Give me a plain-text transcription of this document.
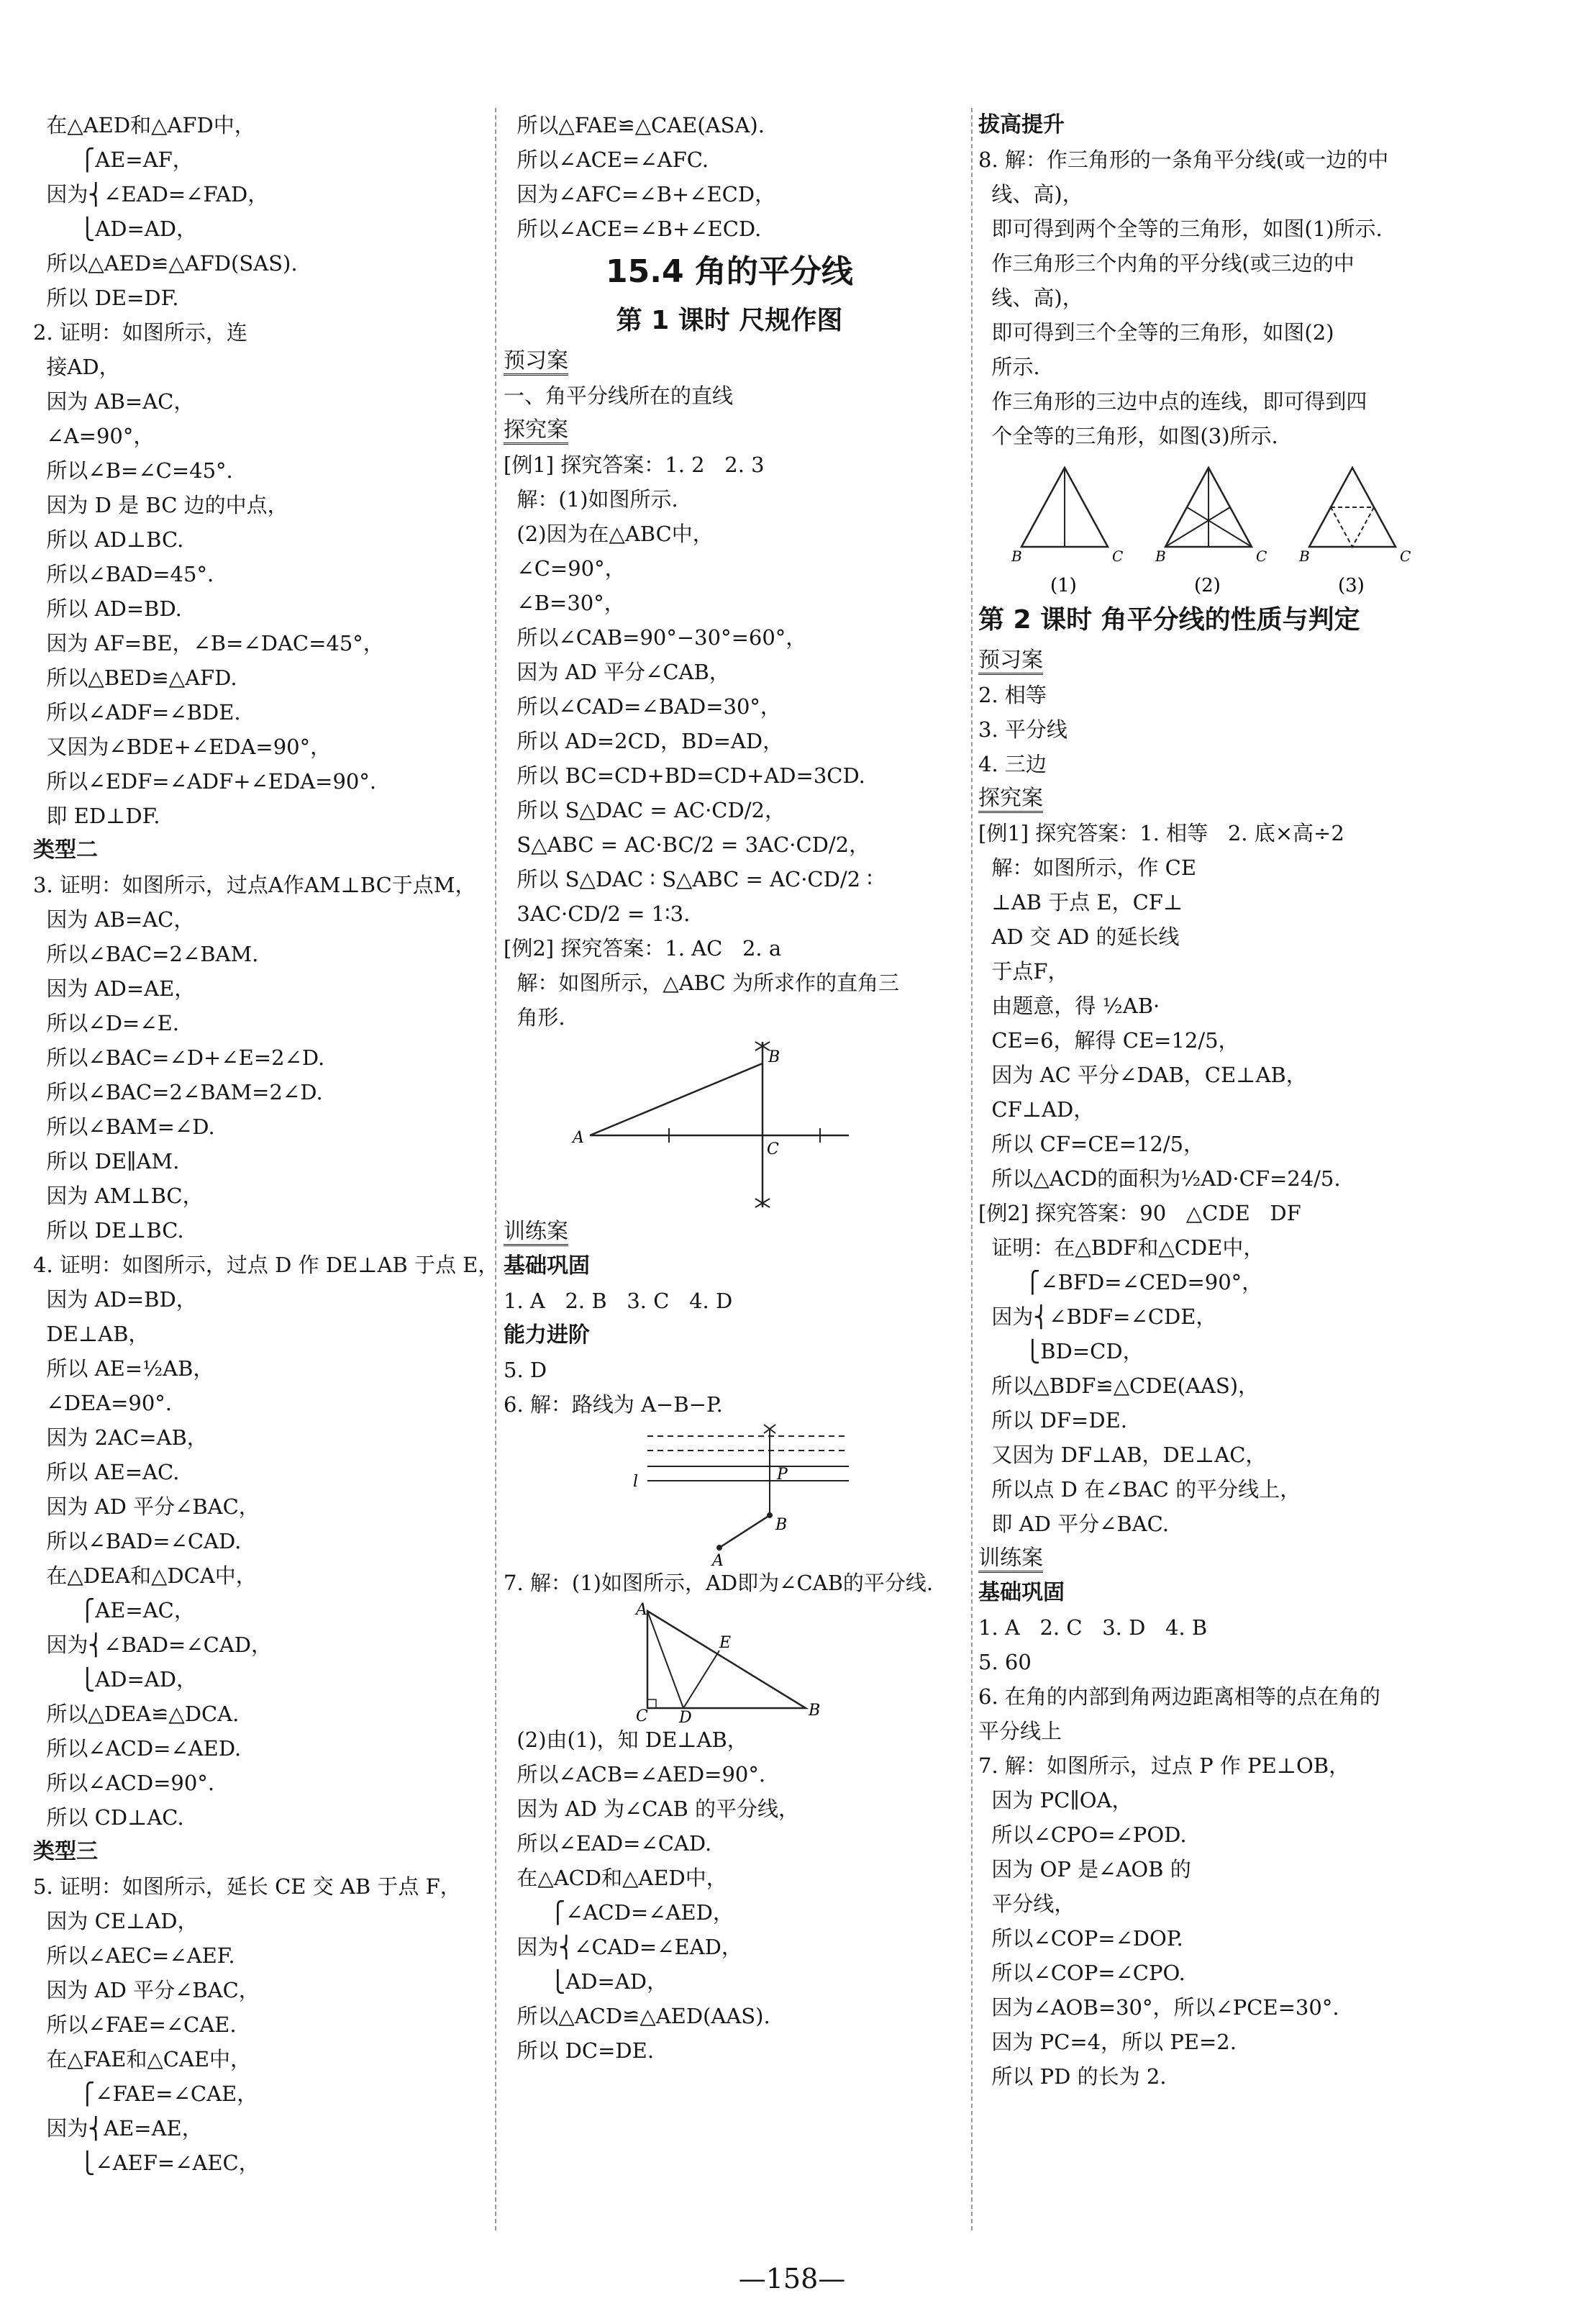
在△AED和△AFD中，
⎧AE=AF，
因为⎨∠EAD=∠FAD，
⎩AD=AD，
所以△AED≌△AFD(SAS).
所以 DE=DF.
2. 证明：如图所示，连
接AD，
因为 AB=AC，
∠A=90°，
所以∠B=∠C=45°.
因为 D 是 BC 边的中点，
所以 AD⊥BC.
所以∠BAD=45°.
所以 AD=BD.
因为 AF=BE，∠B=∠DAC=45°，
所以△BED≌△AFD.
所以∠ADF=∠BDE.
又因为∠BDE+∠EDA=90°，
所以∠EDF=∠ADF+∠EDA=90°.
即 ED⊥DF.
类型二
3. 证明：如图所示，过点A作AM⊥BC于点M，
因为 AB=AC，
所以∠BAC=2∠BAM.
因为 AD=AE，
所以∠D=∠E.
所以∠BAC=∠D+∠E=2∠D.
所以∠BAC=2∠BAM=2∠D.
所以∠BAM=∠D.
所以 DE∥AM.
因为 AM⊥BC，
所以 DE⊥BC.
4. 证明：如图所示，过点 D 作 DE⊥AB 于点 E，
因为 AD=BD，
DE⊥AB，
所以 AE=½AB，
∠DEA=90°.
因为 2AC=AB，
所以 AE=AC.
因为 AD 平分∠BAC，
所以∠BAD=∠CAD.
在△DEA和△DCA中，
⎧AE=AC，
因为⎨∠BAD=∠CAD，
⎩AD=AD，
所以△DEA≌△DCA.
所以∠ACD=∠AED.
所以∠ACD=90°.
所以 CD⊥AC.
类型三
5. 证明：如图所示，延长 CE 交 AB 于点 F，
因为 CE⊥AD，
所以∠AEC=∠AEF.
因为 AD 平分∠BAC，
所以∠FAE=∠CAE.
在△FAE和△CAE中，
⎧∠FAE=∠CAE，
因为⎨AE=AE，
⎩∠AEF=∠AEC，
所以△FAE≌△CAE(ASA).
所以∠ACE=∠AFC.
因为∠AFC=∠B+∠ECD，
所以∠ACE=∠B+∠ECD.
15.4 角的平分线
第 1 课时 尺规作图
预习案
一、角平分线所在的直线
探究案
[例1] 探究答案：1. 2   2. 3
解：(1)如图所示.
(2)因为在△ABC中，
∠C=90°，
∠B=30°，
所以∠CAB=90°−30°=60°，
因为 AD 平分∠CAB，
所以∠CAD=∠BAD=30°，
所以 AD=2CD，BD=AD，
所以 BC=CD+BD=CD+AD=3CD.
所以 S△DAC = AC·CD/2，
S△ABC = AC·BC/2 = 3AC·CD/2，
所以 S△DAC ∶ S△ABC = AC·CD/2 ∶
3AC·CD/2 = 1∶3.
[例2] 探究答案：1. AC   2. a
解：如图所示，△ABC 为所求作的直角三
角形.
A
B
C
训练案
基础巩固
1. A   2. B   3. C   4. D
能力进阶
5. D
6. 解：路线为 A−B−P.
l	P
B
A
7. 解：(1)如图所示，AD即为∠CAB的平分线.
A
C D
E
B
(2)由(1)，知 DE⊥AB，
所以∠ACB=∠AED=90°.
因为 AD 为∠CAB 的平分线，
所以∠EAD=∠CAD.
在△ACD和△AED中，
⎧∠ACD=∠AED，
因为⎨∠CAD=∠EAD，
⎩AD=AD，
所以△ACD≌△AED(AAS).
所以 DC=DE.
拔高提升
8. 解：作三角形的一条角平分线(或一边的中
线、高)，
即可得到两个全等的三角形，如图(1)所示.
作三角形三个内角的平分线(或三边的中
线、高)，
即可得到三个全等的三角形，如图(2)
所示.
作三角形的三边中点的连线，即可得到四
个全等的三角形，如图(3)所示.
B	C B	C B	C
(1)	(2)	(3)
第 2 课时 角平分线的性质与判定
预习案
2. 相等
3. 平分线
4. 三边
探究案
[例1] 探究答案：1. 相等   2. 底×高÷2
解：如图所示，作 CE
⊥AB 于点 E，CF⊥
AD 交 AD 的延长线
于点F，
由题意，得 ½AB·
CE=6，解得 CE=12/5，
因为 AC 平分∠DAB，CE⊥AB，
CF⊥AD，
所以 CF=CE=12/5，
所以△ACD的面积为½AD·CF=24/5.
[例2] 探究答案：90   △CDE   DF
证明：在△BDF和△CDE中，
⎧∠BFD=∠CED=90°，
因为⎨∠BDF=∠CDE，
⎩BD=CD，
所以△BDF≌△CDE(AAS)，
所以 DF=DE.
又因为 DF⊥AB，DE⊥AC，
所以点 D 在∠BAC 的平分线上，
即 AD 平分∠BAC.
训练案
基础巩固
1. A   2. C   3. D   4. B
5. 60
6. 在角的内部到角两边距离相等的点在角的
平分线上
7. 解：如图所示，过点 P 作 PE⊥OB，
因为 PC∥OA，
所以∠CPO=∠POD.
因为 OP 是∠AOB 的
平分线，
所以∠COP=∠DOP.
所以∠COP=∠CPO.
因为∠AOB=30°，所以∠PCE=30°.
因为 PC=4，所以 PE=2.
所以 PD 的长为 2.
—158—
